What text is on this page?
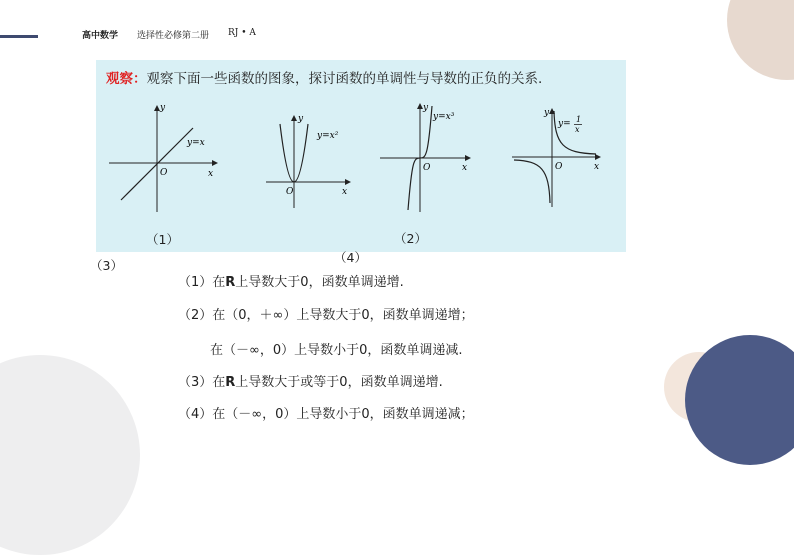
高中数学 选择性必修第二册 RJ • A
观察：观察下面一些函数的图象，探讨函数的单调性与导数的正负的关系.
y
x
O
y=x
y
x
O
y=x²
y
x
O
y=x³	y
x
O
y= 1
x
（1）	（2）
（3）
（4）
（1）在R上导数大于0，函数单调递增.
（2）在（0，＋∞）上导数大于0，函数单调递增；
在（－∞，0）上导数小于0，函数单调递减.
（3）在R上导数大于或等于0，函数单调递增.
（4）在（－∞，0）上导数小于0，函数单调递减；
